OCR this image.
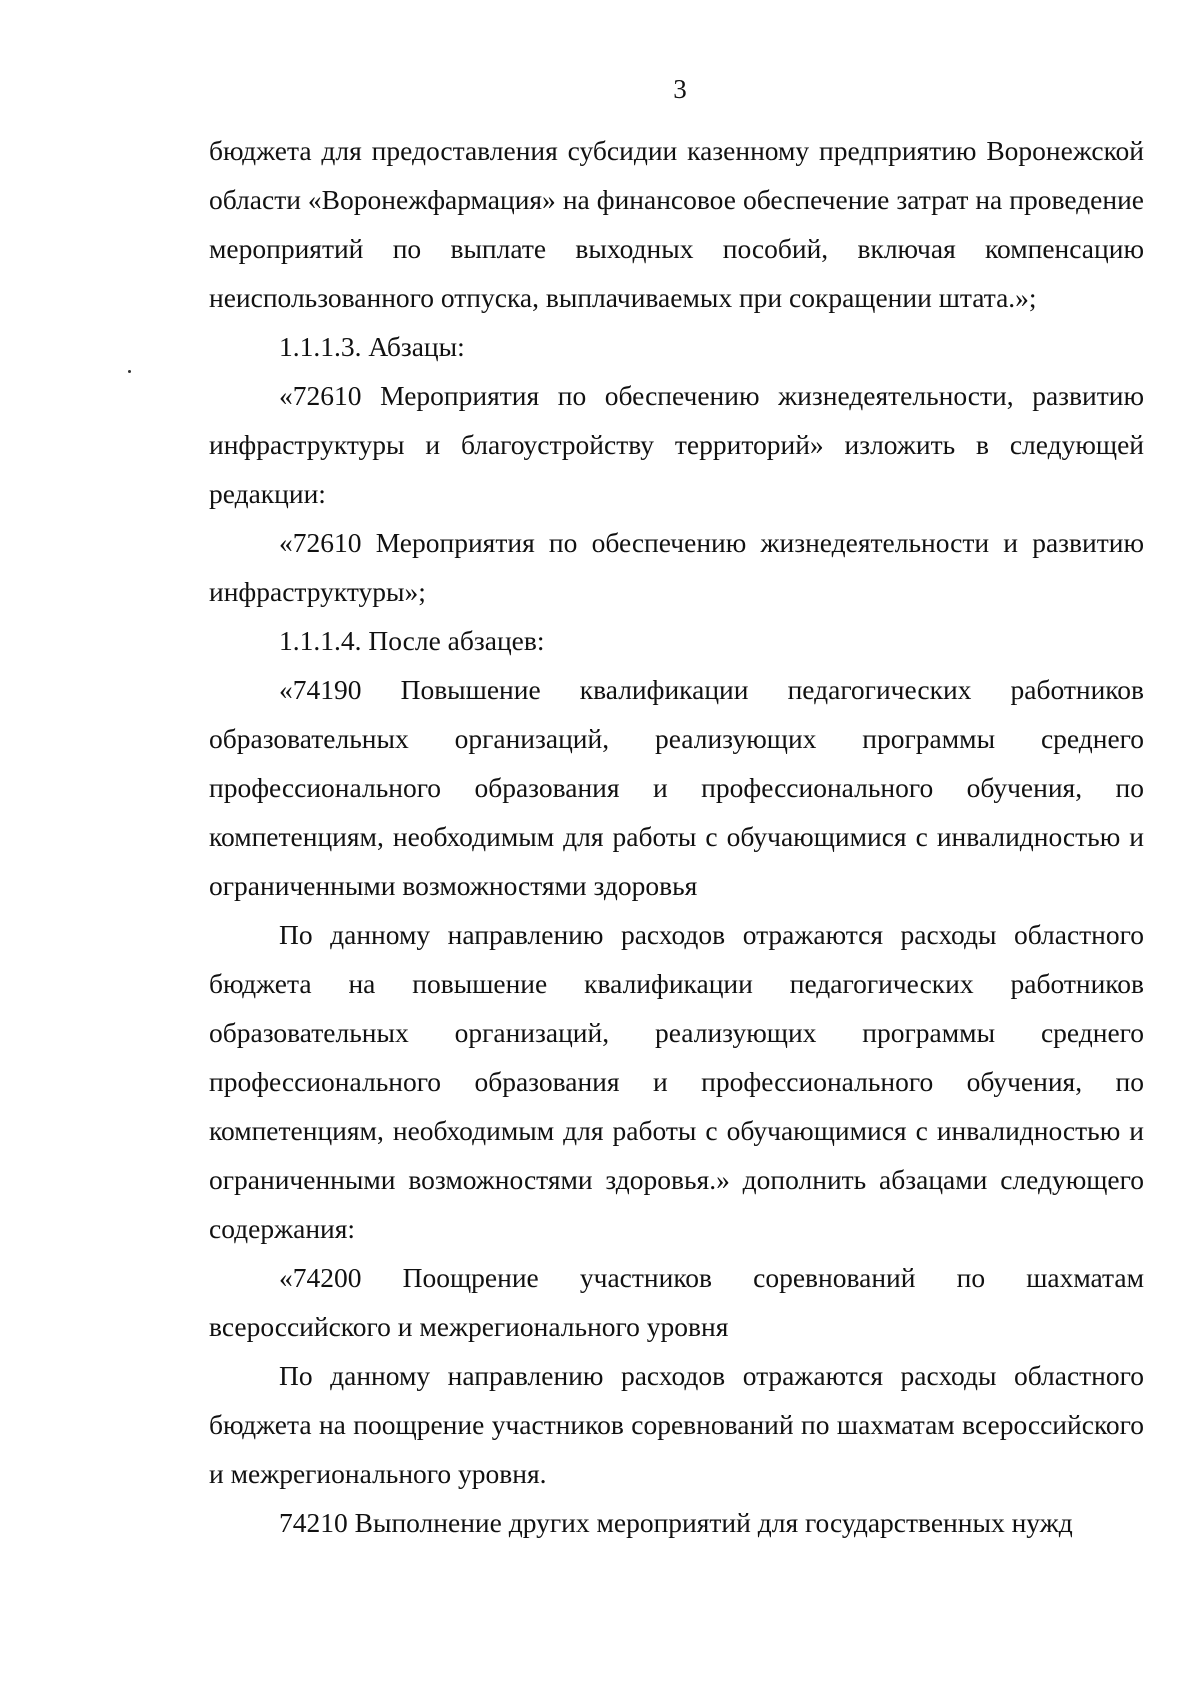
3

бюджета для предоставления субсидии казенному предприятию Воронежской области «Воронежфармация» на финансовое обеспечение затрат на проведение мероприятий по выплате выходных пособий, включая компенсацию неиспользованного отпуска, выплачиваемых при сокращении штата.»;

1.1.1.3. Абзацы:

«72610 Мероприятия по обеспечению жизнедеятельности, развитию инфраструктуры и благоустройству территорий» изложить в следующей редакции:

«72610 Мероприятия по обеспечению жизнедеятельности и развитию инфраструктуры»;

1.1.1.4. После абзацев:

«74190 Повышение квалификации педагогических работников образовательных организаций, реализующих программы среднего профессионального образования и профессионального обучения, по компетенциям, необходимым для работы с обучающимися с инвалидностью и ограниченными возможностями здоровья

По данному направлению расходов отражаются расходы областного бюджета на повышение квалификации педагогических работников образовательных организаций, реализующих программы среднего профессионального образования и профессионального обучения, по компетенциям, необходимым для работы с обучающимися с инвалидностью и ограниченными возможностями здоровья.» дополнить абзацами следующего содержания:

«74200 Поощрение участников соревнований по шахматам всероссийского и межрегионального уровня

По данному направлению расходов отражаются расходы областного бюджета на поощрение участников соревнований по шахматам всероссийского и межрегионального уровня.

74210 Выполнение других мероприятий для государственных нужд
